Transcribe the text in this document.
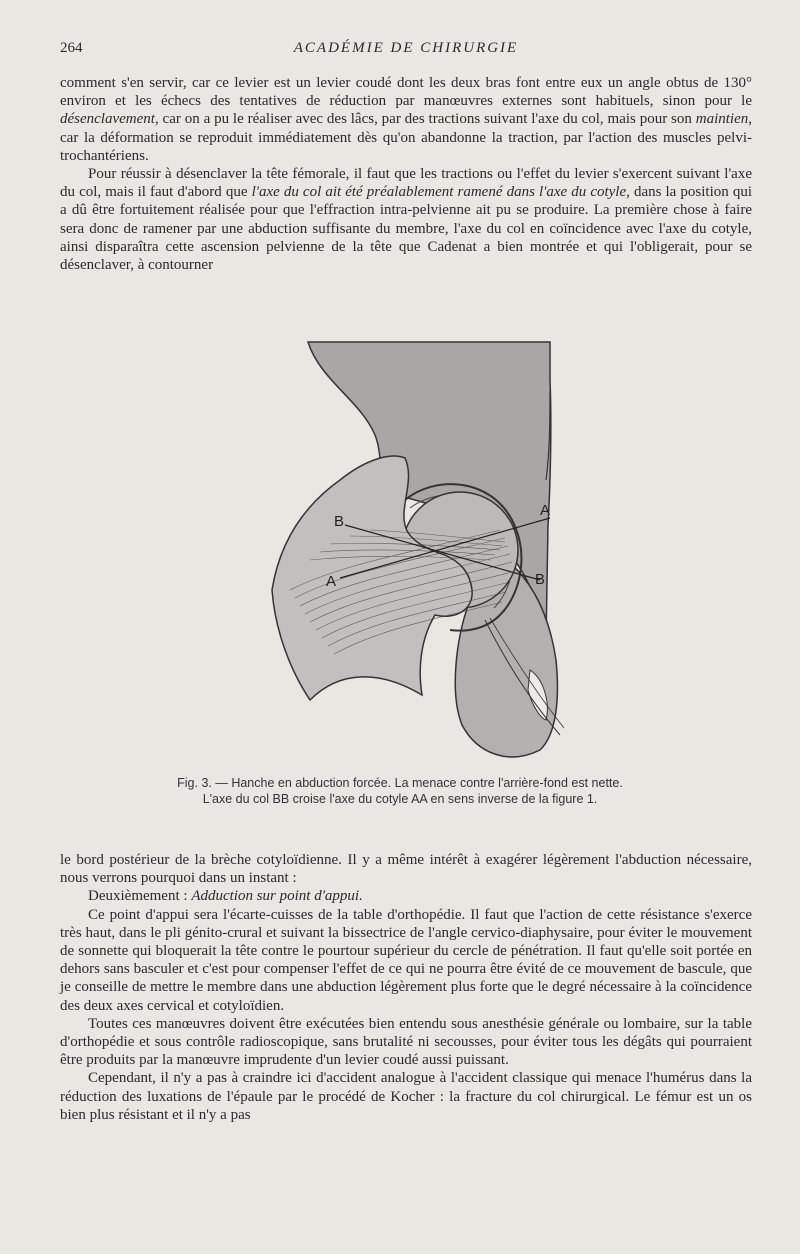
264	ACADÉMIE DE CHIRURGIE

comment s'en servir, car ce levier est un levier coudé dont les deux bras font entre eux un angle obtus de 130° environ et les échecs des tentatives de réduction par manœuvres externes sont habituels, sinon pour le désenclavement, car on a pu le réaliser avec des lâcs, par des tractions suivant l'axe du col, mais pour son maintien, car la déformation se reproduit immédiatement dès qu'on abandonne la traction, par l'action des muscles pelvi-trochantériens.

Pour réussir à désenclaver la tête fémorale, il faut que les tractions ou l'effet du levier s'exercent suivant l'axe du col, mais il faut d'abord que l'axe du col ait été préalablement ramené dans l'axe du cotyle, dans la position qui a dû être fortuitement réalisée pour que l'effraction intra-pelvienne ait pu se produire. La première chose à faire sera donc de ramener par une abduction suffisante du membre, l'axe du col en coïncidence avec l'axe du cotyle, ainsi disparaîtra cette ascension pelvienne de la tête que Cadenat a bien montrée et qui l'obligerait, pour se désenclaver, à contourner

A
A
B
B

Fig. 3. — Hanche en abduction forcée. La menace contre l'arrière-fond est nette.

L'axe du col BB croise l'axe du cotyle AA en sens inverse de la figure 1.

le bord postérieur de la brèche cotyloïdienne. Il y a même intérêt à exagérer légèrement l'abduction nécessaire, nous verrons pourquoi dans un instant :

Deuxièmement : Adduction sur point d'appui.

Ce point d'appui sera l'écarte-cuisses de la table d'orthopédie. Il faut que l'action de cette résistance s'exerce très haut, dans le pli génito-crural et suivant la bissectrice de l'angle cervico-diaphysaire, pour éviter le mouvement de sonnette qui bloquerait la tête contre le pourtour supérieur du cercle de pénétration. Il faut qu'elle soit portée en dehors sans basculer et c'est pour compenser l'effet de ce qui ne pourra être évité de ce mouvement de bascule, que je conseille de mettre le membre dans une abduction légèrement plus forte que le degré nécessaire à la coïncidence des deux axes cervical et cotyloïdien.

Toutes ces manœuvres doivent être exécutées bien entendu sous anesthésie générale ou lombaire, sur la table d'orthopédie et sous contrôle radioscopique, sans brutalité ni secousses, pour éviter tous les dégâts qui pourraient être produits par la manœuvre imprudente d'un levier coudé aussi puissant.

Cependant, il n'y a pas à craindre ici d'accident analogue à l'accident classique qui menace l'humérus dans la réduction des luxations de l'épaule par le procédé de Kocher : la fracture du col chirurgical. Le fémur est un os bien plus résistant et il n'y a pas
